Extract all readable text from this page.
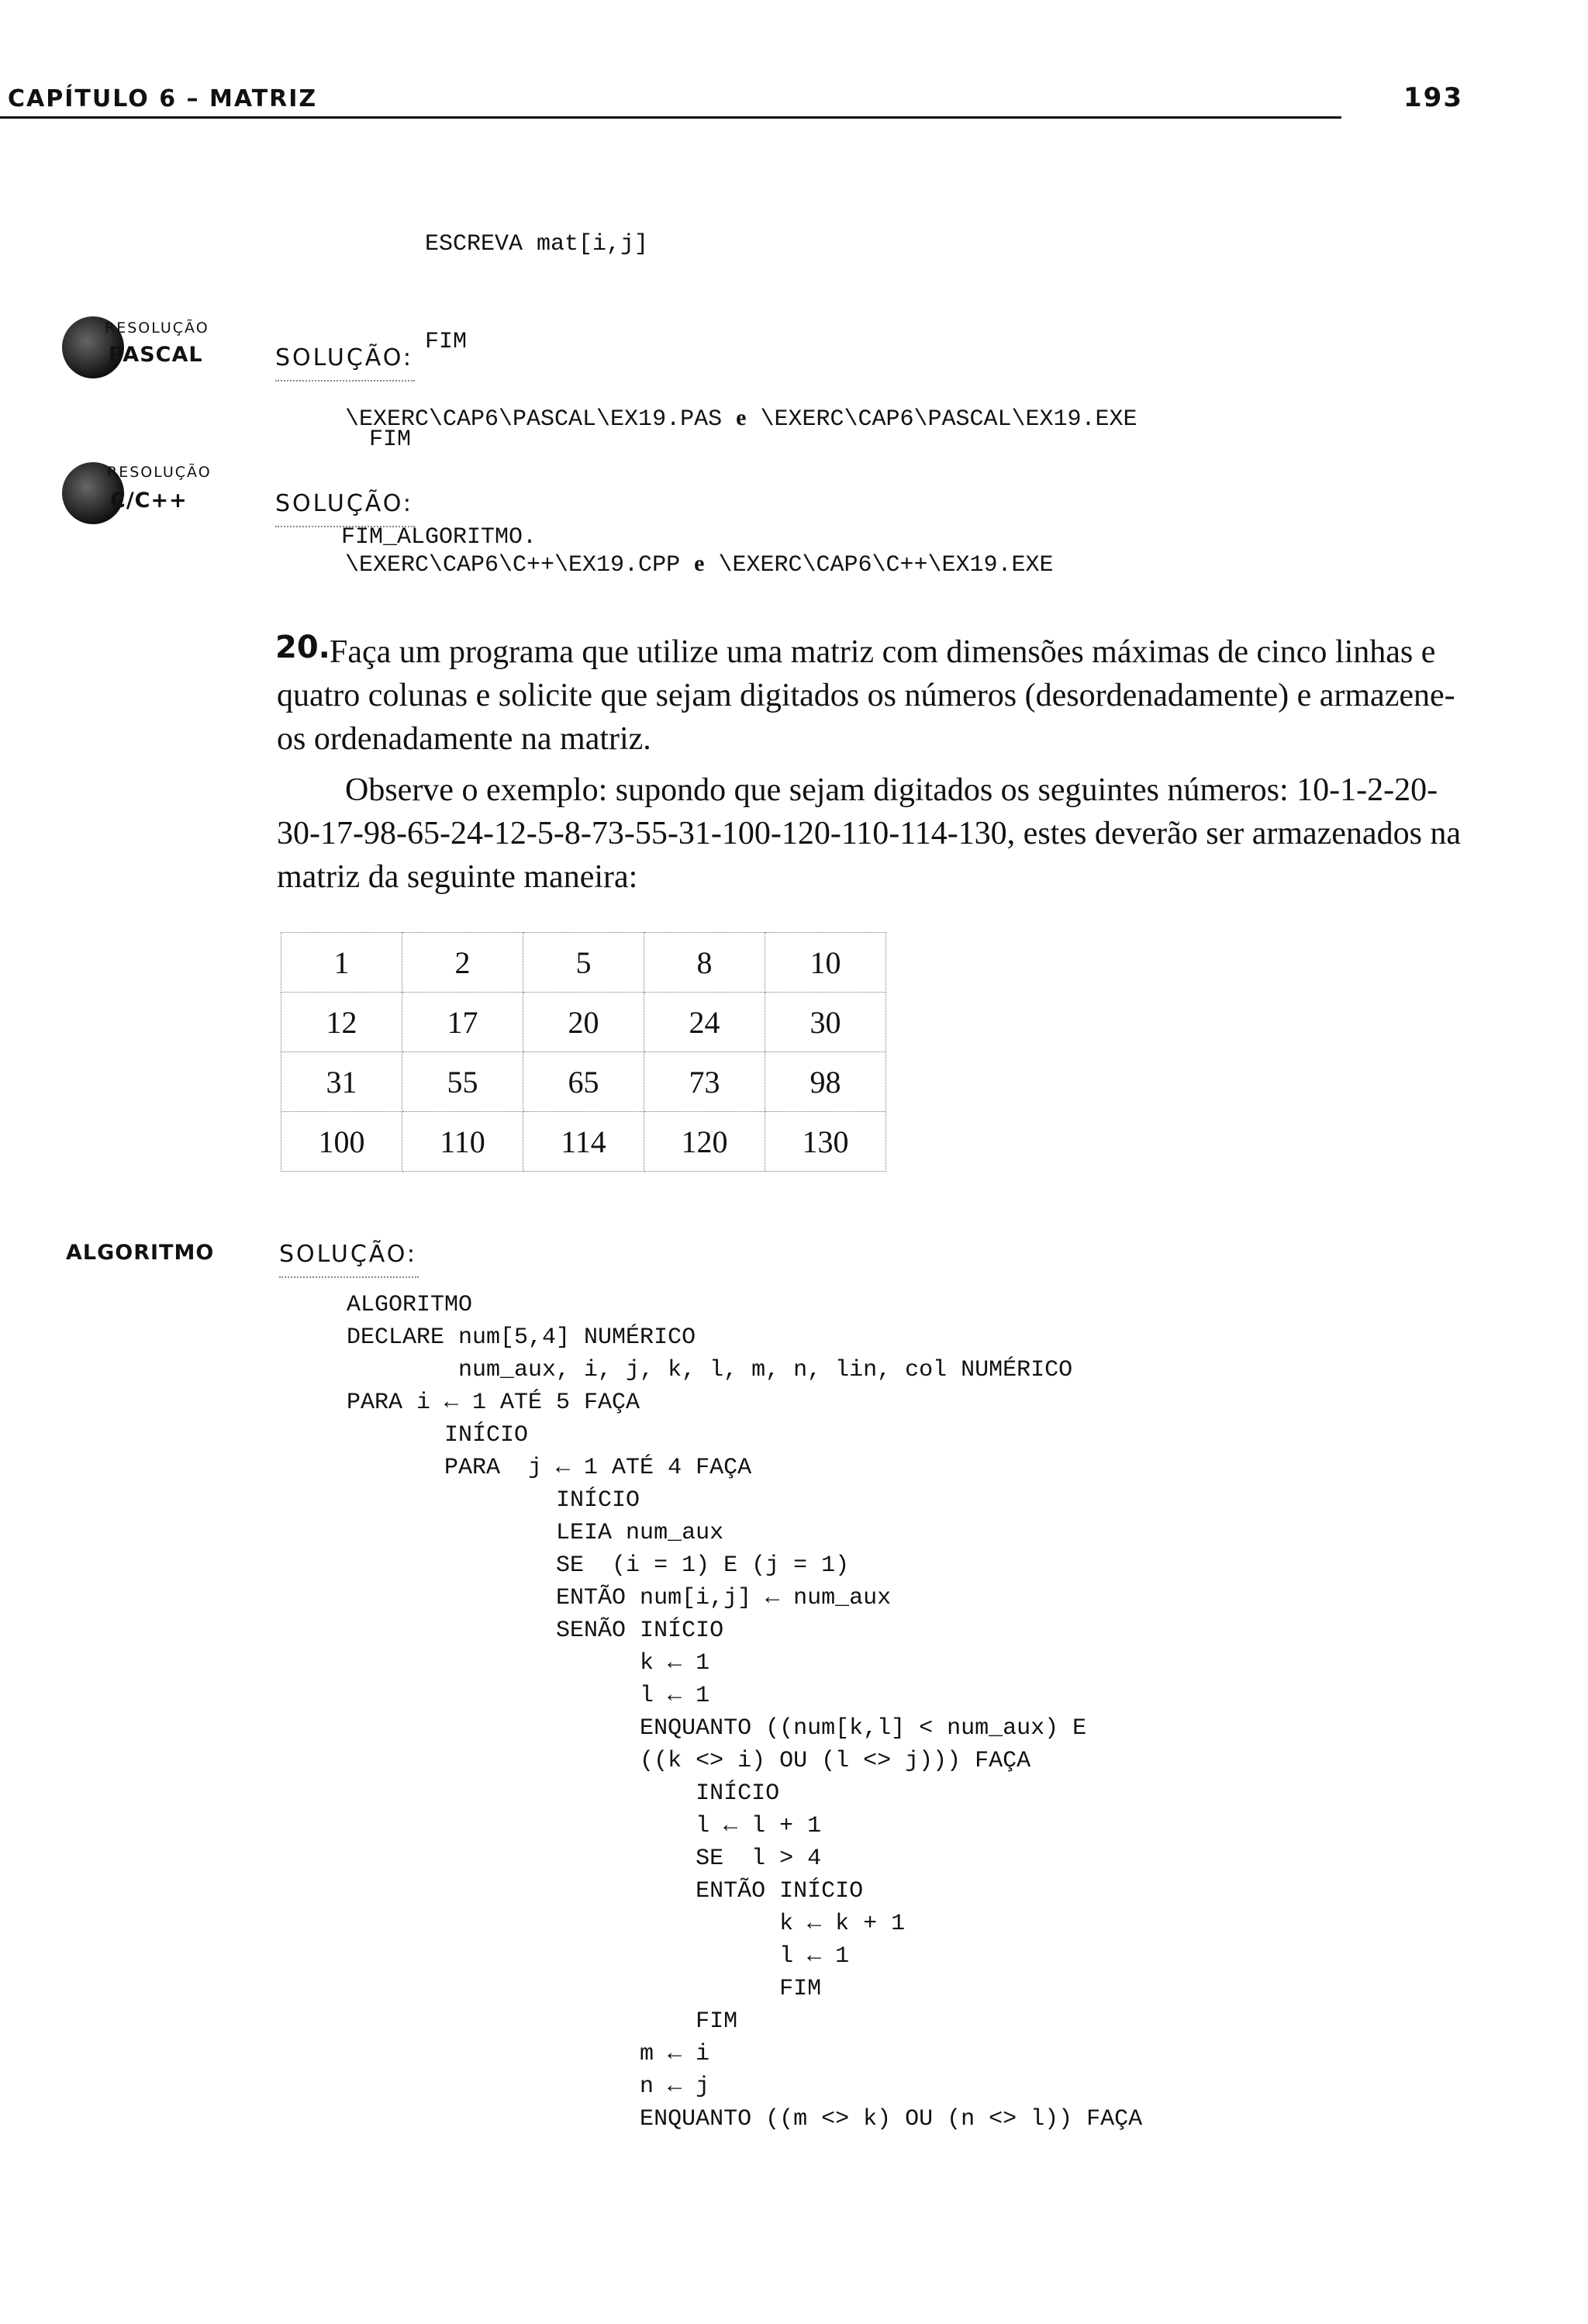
CAPÍTULO 6 – MATRIZ	193

ESCREVA mat[i,j]

FIM

FIM

FIM_ALGORITMO.

RESOLUÇÃO
PASCAL	SOLUÇÃO:
\EXERC\CAP6\PASCAL\EX19.PAS e \EXERC\CAP6\PASCAL\EX19.EXE
RESOLUÇÃO
C/C++	SOLUÇÃO:
\EXERC\CAP6\C++\EX19.CPP e \EXERC\CAP6\C++\EX19.EXE
20. Faça um programa que utilize uma matriz com dimensões máximas de cinco linhas e
quatro colunas e solicite que sejam digitados os números (desordenadamente) e armazene-
os ordenadamente na matriz.
Observe o exemplo: supondo que sejam digitados os seguintes números: 10-1-2-20-
30-17-98-65-24-12-5-8-73-55-31-100-120-110-114-130, estes deverão ser armazenados na
matriz da seguinte maneira:
1	2	5	8	10
12	17	20	24	30
31	55	65	73	98
100	110	114	120	130
ALGORITMO	SOLUÇÃO:
ALGORITMO
DECLARE num[5,4] NUMÉRICO
num_aux, i, j, k, l, m, n, lin, col NUMÉRICO
PARA i ← 1 ATÉ 5 FAÇA
INÍCIO
PARA  j ← 1 ATÉ 4 FAÇA
INÍCIO
LEIA num_aux
SE  (i = 1) E (j = 1)
ENTÃO num[i,j] ← num_aux
SENÃO INÍCIO
k ← 1
l ← 1
ENQUANTO ((num[k,l] < num_aux) E
((k <> i) OU (l <> j))) FAÇA
INÍCIO
l ← l + 1
SE  l > 4
ENTÃO INÍCIO
k ← k + 1
l ← 1
FIM
FIM
m ← i
n ← j
ENQUANTO ((m <> k) OU (n <> l)) FAÇA
